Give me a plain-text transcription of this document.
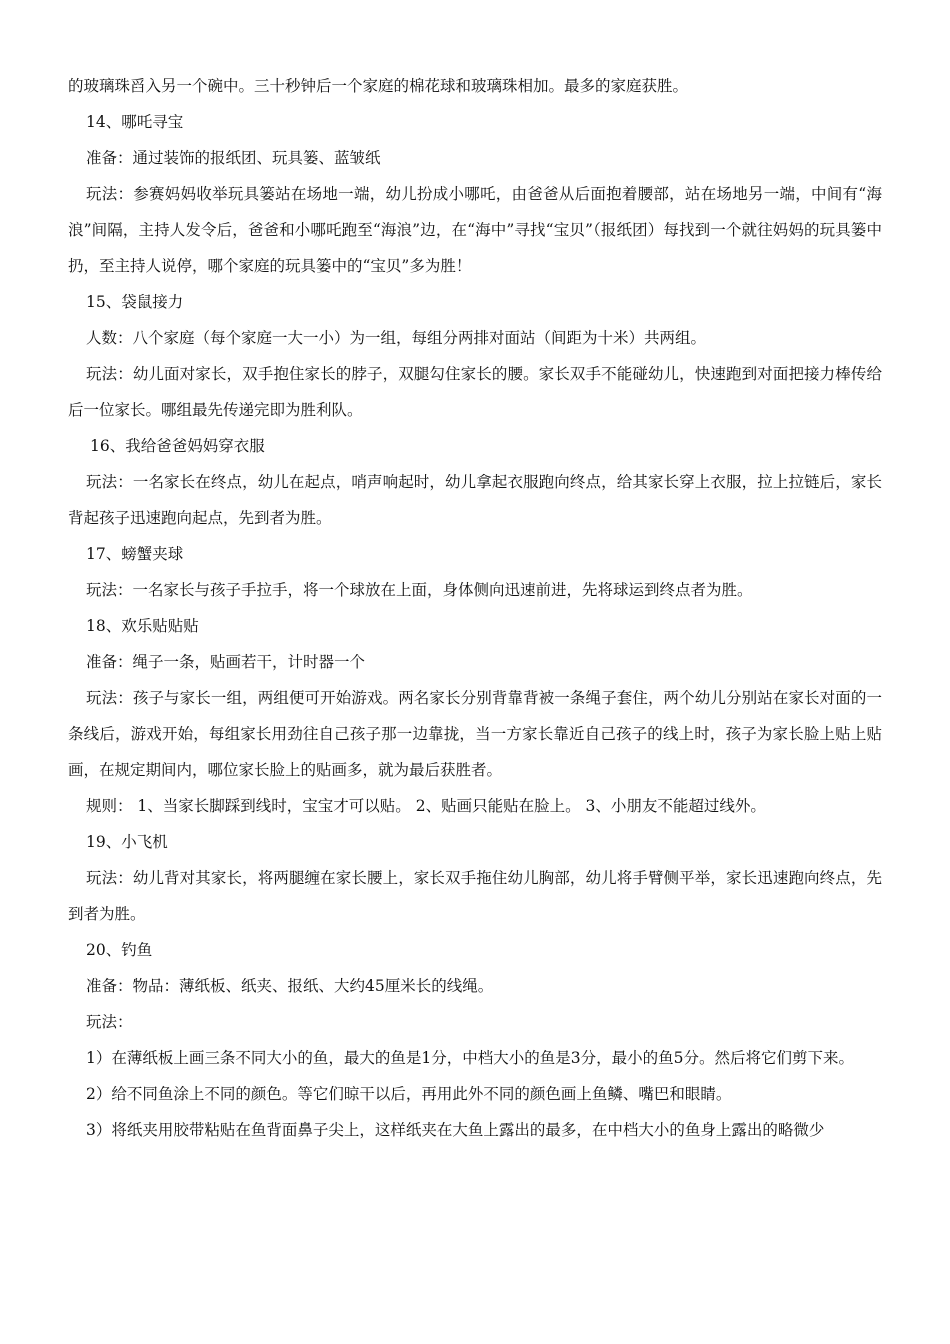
的玻璃珠舀入另一个碗中。三十秒钟后一个家庭的棉花球和玻璃珠相加。最多的家庭获胜。

14、哪吒寻宝

准备：通过装饰的报纸团、玩具篓、蓝皱纸

玩法：参赛妈妈收举玩具篓站在场地一端，幼儿扮成小哪吒，由爸爸从后面抱着腰部，站在场地另一端，中间有“海浪”间隔，主持人发令后，爸爸和小哪吒跑至“海浪”边，在“海中”寻找“宝贝”（报纸团）每找到一个就往妈妈的玩具篓中扔，至主持人说停，哪个家庭的玩具篓中的“宝贝”多为胜！

15、袋鼠接力

人数：八个家庭（每个家庭一大一小）为一组，每组分两排对面站（间距为十米）共两组。

玩法：幼儿面对家长，双手抱住家长的脖子，双腿勾住家长的腰。家长双手不能碰幼儿，快速跑到对面把接力棒传给后一位家长。哪组最先传递完即为胜利队。

16、我给爸爸妈妈穿衣服

玩法：一名家长在终点，幼儿在起点，哨声响起时，幼儿拿起衣服跑向终点，给其家长穿上衣服，拉上拉链后，家长背起孩子迅速跑向起点，先到者为胜。

17、螃蟹夹球

玩法：一名家长与孩子手拉手，将一个球放在上面，身体侧向迅速前进，先将球运到终点者为胜。

18、欢乐贴贴贴

准备：绳子一条，贴画若干，计时器一个

玩法：孩子与家长一组，两组便可开始游戏。两名家长分别背靠背被一条绳子套住，两个幼儿分别站在家长对面的一条线后，游戏开始，每组家长用劲往自己孩子那一边靠拢，当一方家长靠近自己孩子的线上时，孩子为家长脸上贴上贴画，在规定期间内，哪位家长脸上的贴画多，就为最后获胜者。

规则： 1、当家长脚踩到线时，宝宝才可以贴。 2、贴画只能贴在脸上。 3、小朋友不能超过线外。

19、小飞机

玩法：幼儿背对其家长，将两腿缠在家长腰上，家长双手拖住幼儿胸部，幼儿将手臂侧平举，家长迅速跑向终点，先到者为胜。

20、钓鱼

准备：物品：薄纸板、纸夹、报纸、大约45厘米长的线绳。

玩法：

1）在薄纸板上画三条不同大小的鱼，最大的鱼是1分，中档大小的鱼是3分，最小的鱼5分。然后将它们剪下来。

2）给不同鱼涂上不同的颜色。等它们晾干以后，再用此外不同的颜色画上鱼鳞、嘴巴和眼睛。

3）将纸夹用胶带粘贴在鱼背面鼻子尖上，这样纸夹在大鱼上露出的最多，在中档大小的鱼身上露出的略微少
